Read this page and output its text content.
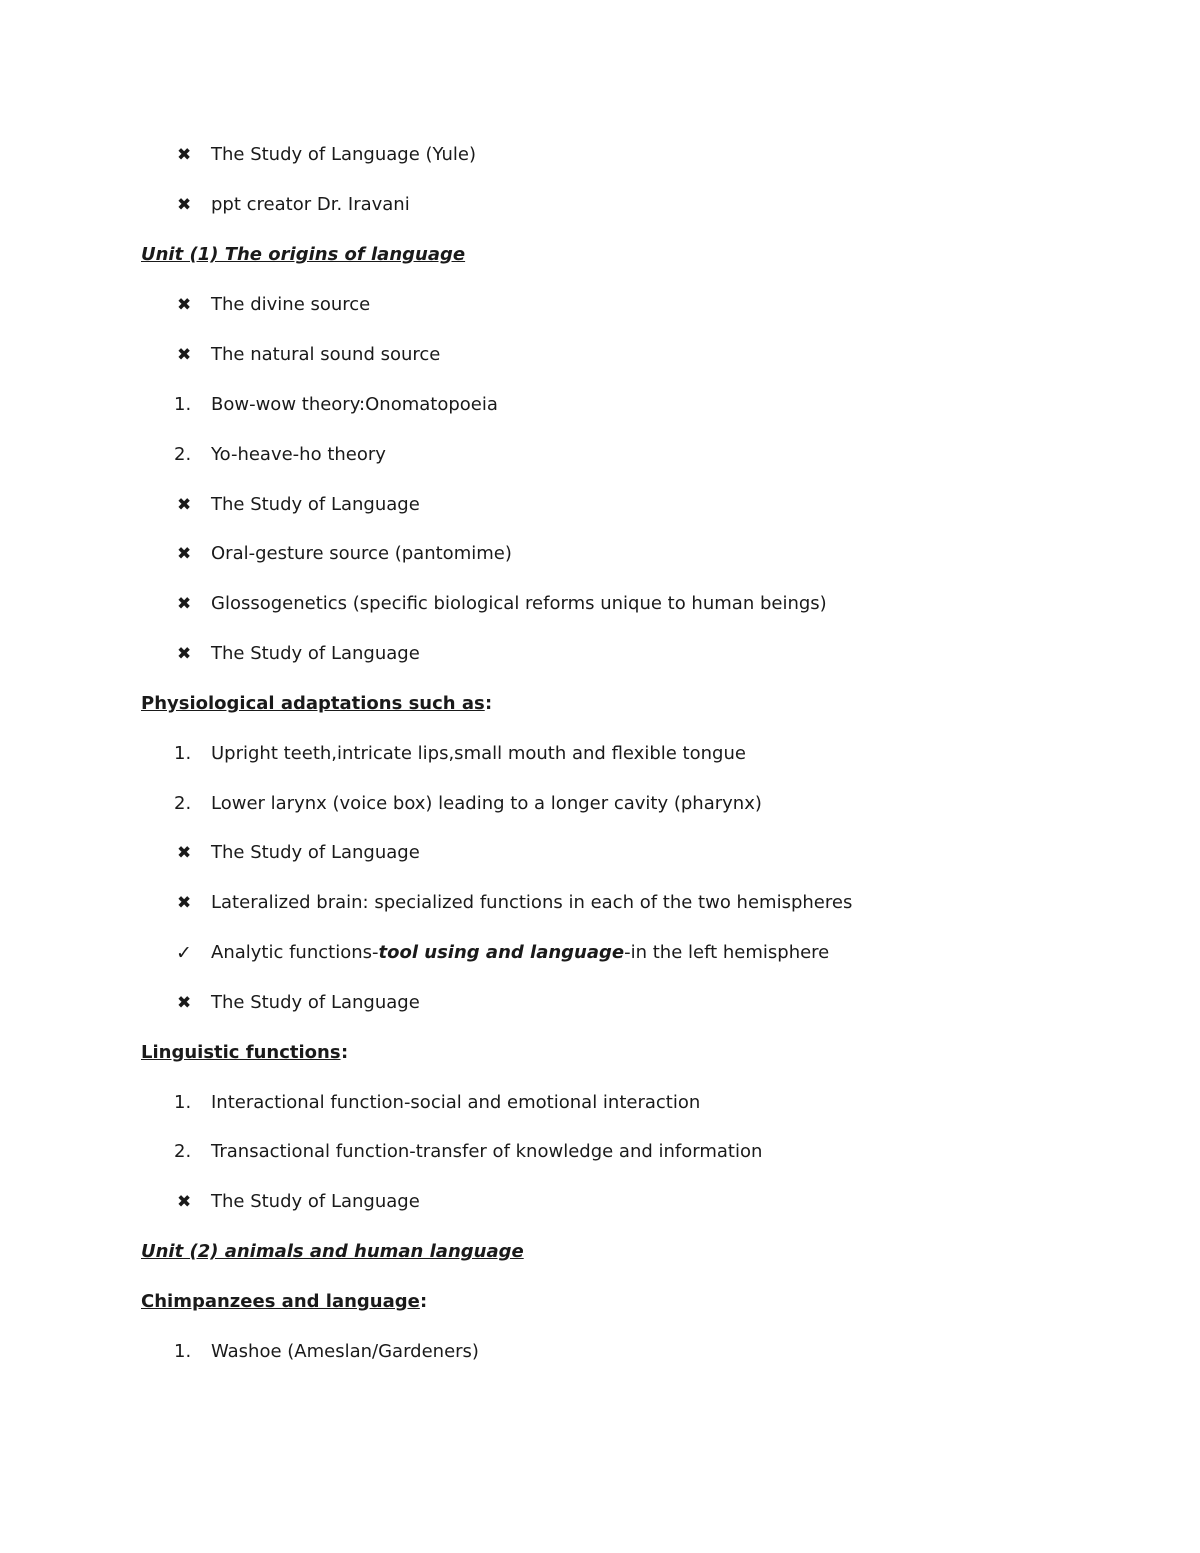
✖	The Study of Language (Yule)
✖	ppt creator Dr. Iravani
Unit (1) The origins of language
✖	The divine source
✖	The natural sound source
1.	Bow-wow theory:Onomatopoeia
2.	Yo-heave-ho theory
✖	The Study of Language
✖	Oral-gesture source (pantomime)
✖	Glossogenetics (specific biological reforms unique to human beings)
✖	The Study of Language
Physiological adaptations such as :
1.	Upright teeth,intricate lips,small mouth and flexible tongue
2.	Lower larynx (voice box) leading to a longer cavity (pharynx)
✖	The Study of Language
✖	Lateralized brain: specialized functions in each of the two hemispheres
✓	Analytic functions-tool using and language-in the left hemisphere
✖	The Study of Language
Linguistic functions :
1.	Interactional function-social and emotional interaction
2.	Transactional function-transfer of knowledge and information
✖	The Study of Language
Unit (2) animals and human language
Chimpanzees and language :
1.	Washoe (Ameslan/Gardeners)
